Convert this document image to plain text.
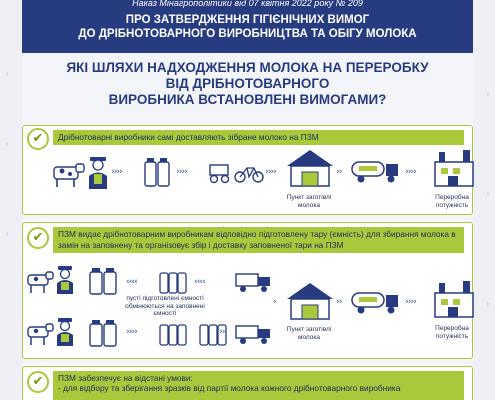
‹
‹
‹
›
›
›
Наказ Мінагрополітики від 07 квітня 2022 року № 209
ПРО ЗАТВЕРДЖЕННЯ ГІГІЄНІЧНИХ ВИМОГ
ДО ДРІБНОТОВАРНОГО ВИРОБНИЦТВА ТА ОБІГУ МОЛОКА
ЯКІ ШЛЯХИ НАДХОДЖЕННЯ МОЛОКА НА ПЕРЕРОБКУ
ВІД ДРІБНОТОВАРНОГО
ВИРОБНИКА ВСТАНОВЛЕНІ ВИМОГАМИ?
✔	Дрібнотоварні виробники самі доставляють зібране молоко на ПЗМ
››››	››››	››››
Пункт заготівлі молока
››	››››
Переробна потужність
✔	ПЗМ видає дрібнотоварним виробникам відповідно підготовлену тару (ємність) для збирання молока в замін на заповнену та організовує збір і доставку заповненої тари на ПЗМ
‹‹‹‹	‹‹‹‹
пусті підготовлені ємності обмінюються на заповнені ємності
››››	››
›
Пункт заготівлі молока
››	››››
Переробна потужність
✔	ПЗМ забезпечує на відстані умови:
- для відбору та зберігання зразків від партії молока кожного дрібнотоварного виробника
